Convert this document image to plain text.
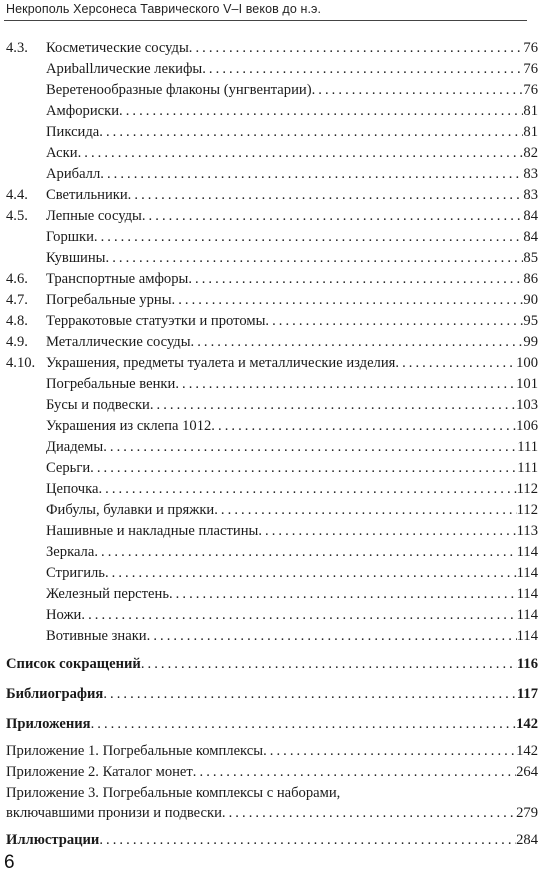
Некрополь Херсонеса Таврического V–I веков до н.э.
4.3.	Косметические сосуды . . .	76
Ариballлические лекифы . . .	76
Веретенообразные флаконы (унгвентарии) . . .	76
Амфориски . . .	81
Пиксида . . .	81
Аски . . .	82
Арибалл . . .	83
4.4.	Светильники . . .	83
4.5.	Лепные сосуды . . .	84
Горшки . . .	84
Кувшины . . .	85
4.6.	Транспортные амфоры . . .	86
4.7.	Погребальные урны . . .	90
4.8.	Терракотовые статуэтки и протомы . . .	95
4.9.	Металлические сосуды . . .	99
4.10. Украшения, предметы туалета и металлические изделия . . .	100
Погребальные венки . . .	101
Бусы и подвески . . .	103
Украшения из склепа 1012 . . .	106
Диадемы . . .	111
Серьги . . .	111
Цепочка . . .	112
Фибулы, булавки и пряжки . . .	112
Нашивные и накладные пластины . . .	113
Зеркала . . .	114
Стригиль . . .	114
Железный перстень . . .	114
Ножи . . .	114
Вотивные знаки . . .	114
Список сокращений . . .	116
Библиография . . .	117
Приложения . . .	142
Приложение 1. Погребальные комплексы . . .	142
Приложение 2. Каталог монет . . .	264
Приложение 3. Погребальные комплексы с наборами,
включавшими пронизи и подвески . . .	279
Иллюстрации . . .	284
6
